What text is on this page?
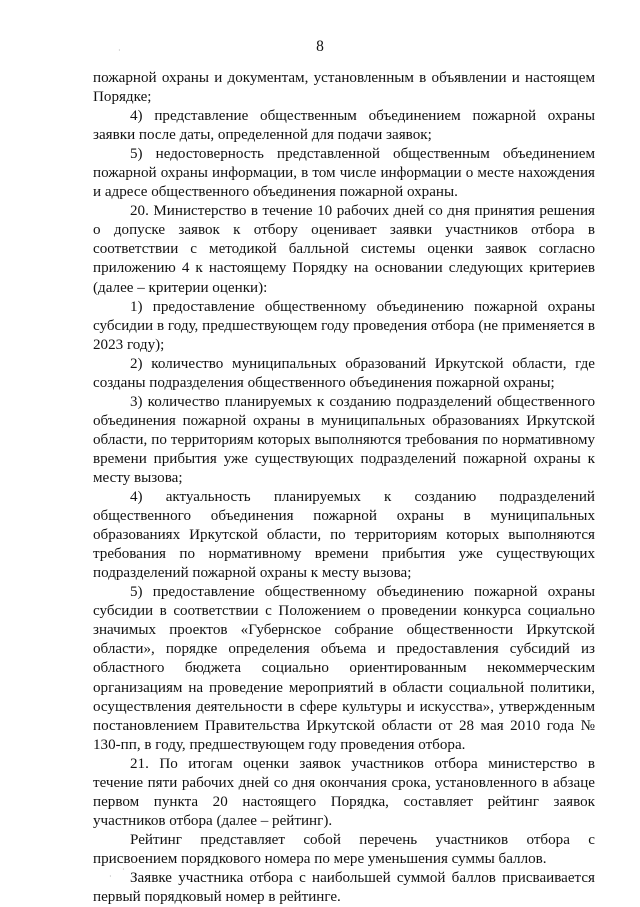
·
·
·
8

пожарной охраны и документам, установленным в объявлении и настоящем Порядке;

4) представление общественным объединением пожарной охраны заявки после даты, определенной для подачи заявок;

5) недостоверность представленной общественным объединением пожарной охраны информации, в том числе информации о месте нахождения и адресе общественного объединения пожарной охраны.

20. Министерство в течение 10 рабочих дней со дня принятия решения о допуске заявок к отбору оценивает заявки участников отбора в соответствии с методикой балльной системы оценки заявок согласно приложению 4 к настоящему Порядку на основании следующих критериев (далее – критерии оценки):

1) предоставление общественному объединению пожарной охраны субсидии в году, предшествующем году проведения отбора (не применяется в 2023 году);

2) количество муниципальных образований Иркутской области, где созданы подразделения общественного объединения пожарной охраны;

3) количество планируемых к созданию подразделений общественного объединения пожарной охраны в муниципальных образованиях Иркутской области, по территориям которых выполняются требования по нормативному времени прибытия уже существующих подразделений пожарной охраны к месту вызова;

4) актуальность планируемых к созданию подразделений общественного объединения пожарной охраны в муниципальных образованиях Иркутской области, по территориям которых выполняются требования по нормативному времени прибытия уже существующих подразделений пожарной охраны к месту вызова;

5) предоставление общественному объединению пожарной охраны субсидии в соответствии с Положением о проведении конкурса социально значимых проектов «Губернское собрание общественности Иркутской области», порядке определения объема и предоставления субсидий из областного бюджета социально ориентированным некоммерческим организациям на проведение мероприятий в области социальной политики, осуществления деятельности в сфере культуры и искусства», утвержденным постановлением Правительства Иркутской области от 28 мая 2010 года № 130-пп, в году, предшествующем году проведения отбора.

21. По итогам оценки заявок участников отбора министерство в течение пяти рабочих дней со дня окончания срока, установленного в абзаце первом пункта 20 настоящего Порядка, составляет рейтинг заявок участников отбора (далее – рейтинг).

Рейтинг представляет собой перечень участников отбора с присвоением порядкового номера по мере уменьшения суммы баллов.

Заявке участника отбора с наибольшей суммой баллов присваивается первый порядковый номер в рейтинге.
